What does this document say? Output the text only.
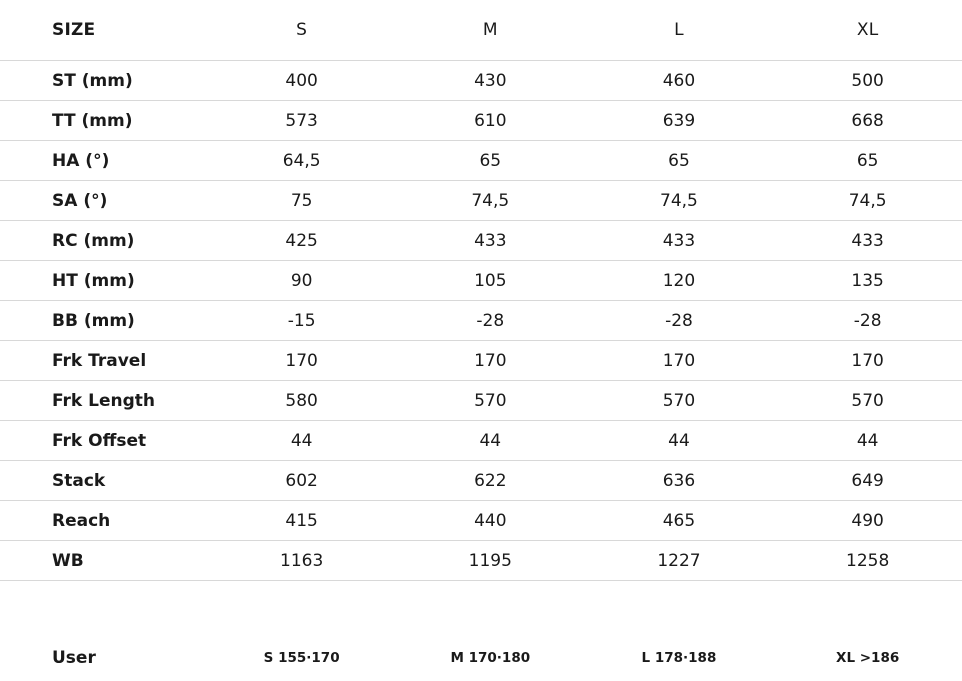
SIZE	S	M	L	XL
ST (mm)	400	430	460	500
TT (mm)	573	610	639	668
HA (°)	64,5	65	65	65
SA (°)	75	74,5	74,5	74,5
RC (mm)	425	433	433	433
HT (mm)	90	105	120	135
BB (mm)	-15	-28	-28	-28
Frk Travel	170	170	170	170
Frk Length	580	570	570	570
Frk Offset	44	44	44	44
Stack	602	622	636	649
Reach	415	440	465	490
WB	1163	1195	1227	1258

User	S 155·170	M 170·180	L 178·188	XL >186
